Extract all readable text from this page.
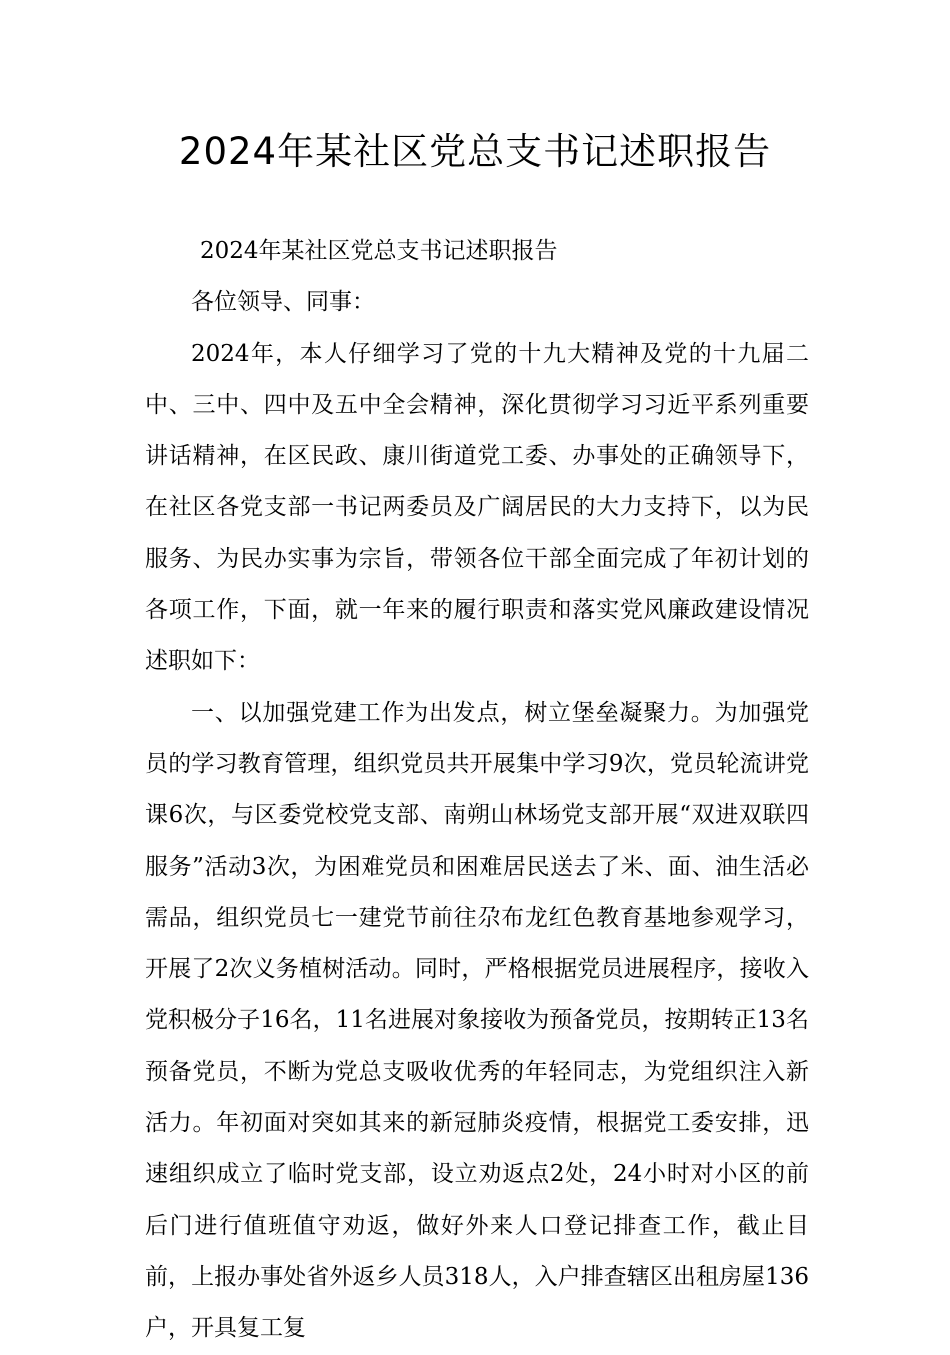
2024年某社区党总支书记述职报告

2024年某社区党总支书记述职报告

各位领导、同事：

2024年，本人仔细学习了党的十九大精神及党的十九届二中、三中、四中及五中全会精神，深化贯彻学习习近平系列重要讲话精神，在区民政、康川街道党工委、办事处的正确领导下，在社区各党支部一书记两委员及广阔居民的大力支持下，以为民服务、为民办实事为宗旨，带领各位干部全面完成了年初计划的各项工作，下面，就一年来的履行职责和落实党风廉政建设情况述职如下：

一、以加强党建工作为出发点，树立堡垒凝聚力。为加强党员的学习教育管理，组织党员共开展集中学习9次，党员轮流讲党课6次，与区委党校党支部、南朔山林场党支部开展“双进双联四服务”活动3次，为困难党员和困难居民送去了米、面、油生活必需品，组织党员七一建党节前往尕布龙红色教育基地参观学习，开展了2次义务植树活动。同时，严格根据党员进展程序，接收入党积极分子16名，11名进展对象接收为预备党员，按期转正13名预备党员，不断为党总支吸收优秀的年轻同志，为党组织注入新活力。年初面对突如其来的新冠肺炎疫情，根据党工委安排，迅速组织成立了临时党支部，设立劝返点2处，24小时对小区的前后门进行值班值守劝返，做好外来人口登记排查工作，截止目前，上报办事处省外返乡人员318人，入户排查辖区出租房屋136户，开具复工复
